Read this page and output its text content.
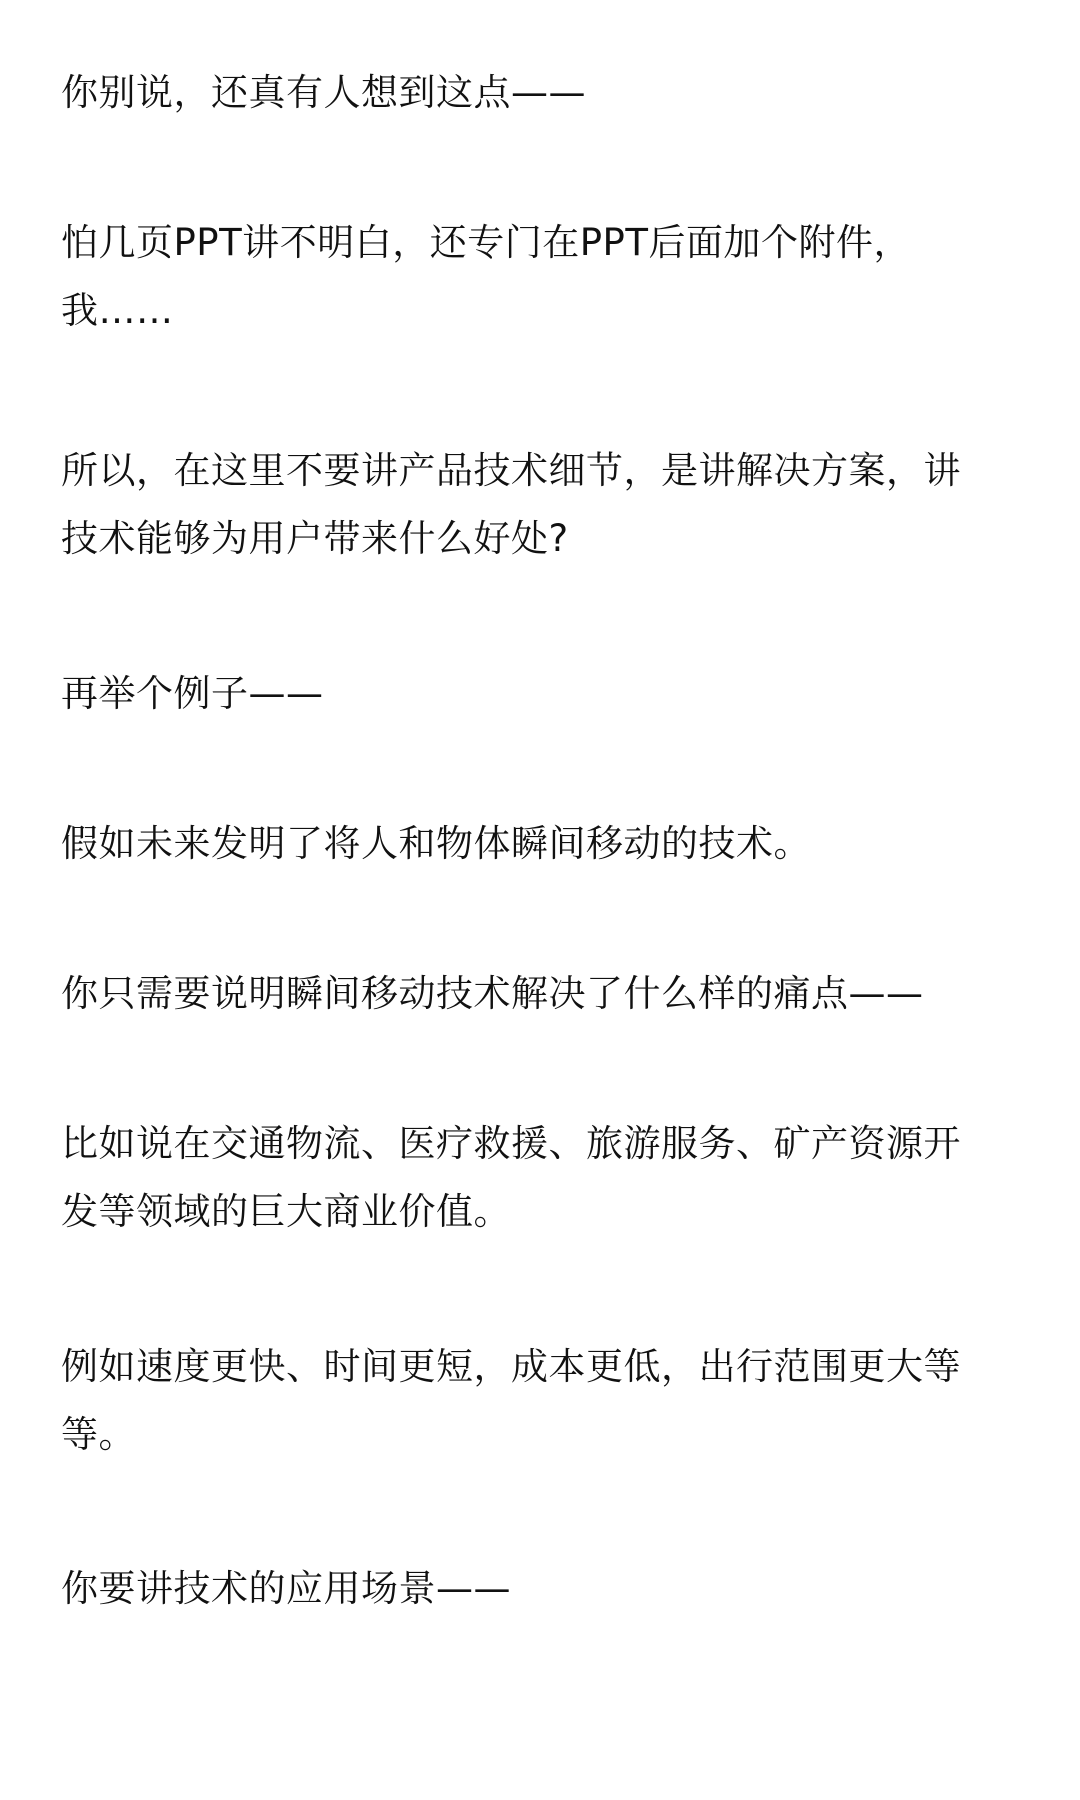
你别说，还真有人想到这点——

怕几页PPT讲不明白，还专门在PPT后面加个附件，
我……

所以，在这里不要讲产品技术细节，是讲解决方案，讲
技术能够为用户带来什么好处?

再举个例子——

假如未来发明了将人和物体瞬间移动的技术。

你只需要说明瞬间移动技术解决了什么样的痛点——

比如说在交通物流、医疗救援、旅游服务、矿产资源开
发等领域的巨大商业价值。

例如速度更快、时间更短，成本更低，出行范围更大等
等。

你要讲技术的应用场景——
